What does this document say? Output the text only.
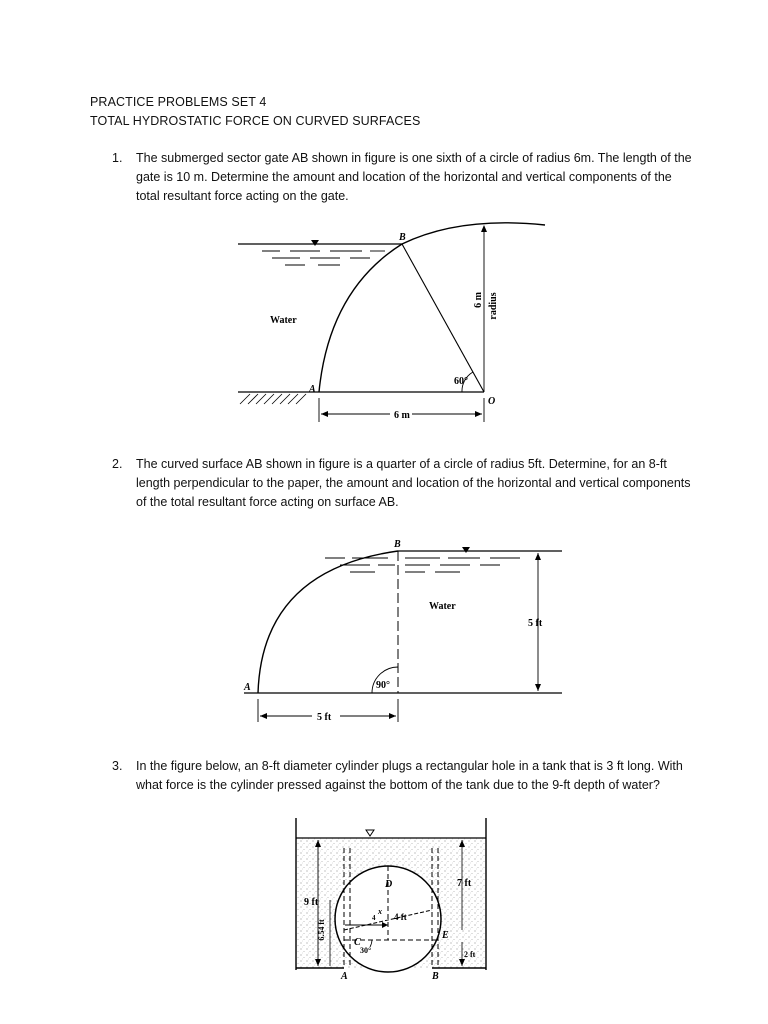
PRACTICE PROBLEMS SET 4
TOTAL HYDROSTATIC FORCE ON CURVED SURFACES
1. The submerged sector gate AB shown in figure is one sixth of a circle of radius 6m. The length of the gate is 10 m. Determine the amount and location of the horizontal and vertical components of the total resultant force acting on the gate.
B
A
O
Water
60°
6 m
6 m radius
2. The curved surface AB shown in figure is a quarter of a circle of radius 5ft. Determine, for an 8-ft length perpendicular to the paper, the amount and location of the horizontal and vertical components of the total resultant force acting on surface AB.
B
A
Water
5 ft
90°
5 ft
3. In the figure below, an 8-ft diameter cylinder plugs a rectangular hole in a tank that is 3 ft long. With what force is the cylinder pressed against the bottom of the tank due to the 9-ft depth of water?
D
C
E
A	B
9 ft
6.54 ft
7 ft
2 ft
4 ft
30°
4
x
